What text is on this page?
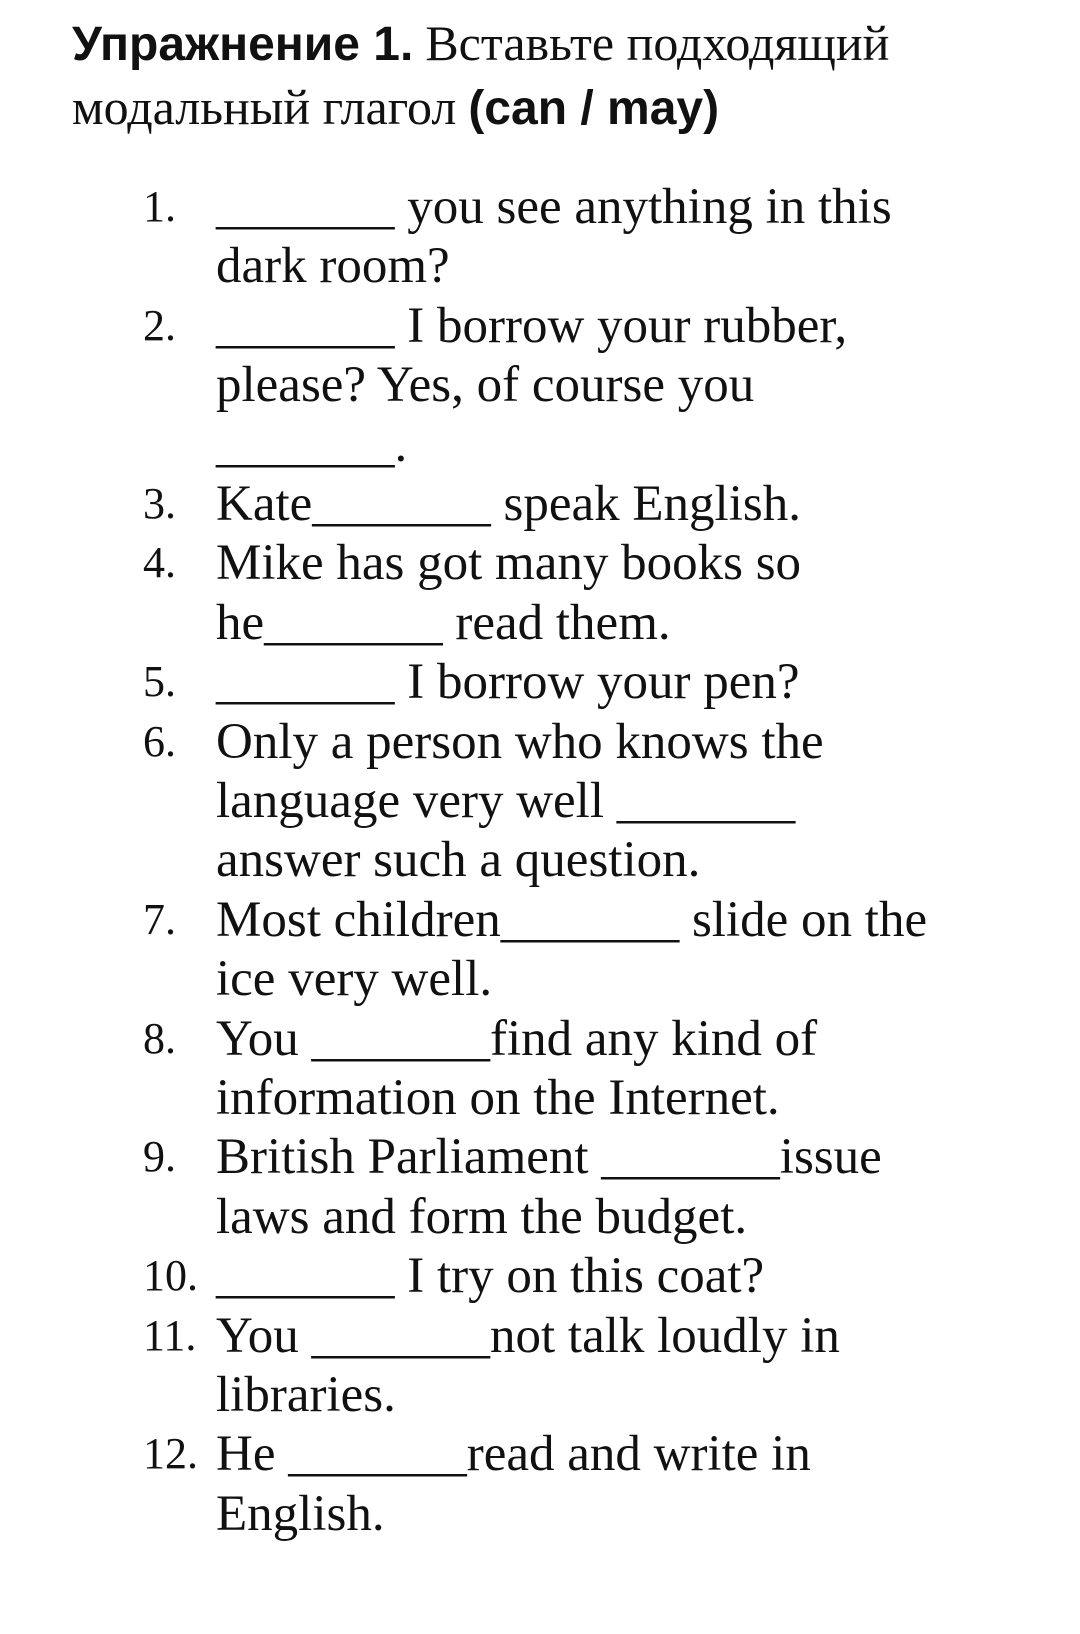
Упражнение 1. Вставьте подходящий
модальный глагол (can / may)
1. _______ you see anything in this
dark room?
2. _______ I borrow your rubber,
please? Yes, of course you
_______.
3. Kate_______ speak English.
4. Mike has got many books so
he_______ read them.
5. _______ I borrow your pen?
6. Only a person who knows the
language very well _______
answer such a question.
7. Most children_______ slide on the
ice very well.
8. You _______find any kind of
information on the Internet.
9. British Parliament _______issue
laws and form the budget.
10. _______ I try on this coat?
11. You _______not talk loudly in
libraries.
12. He _______read and write in
English.
